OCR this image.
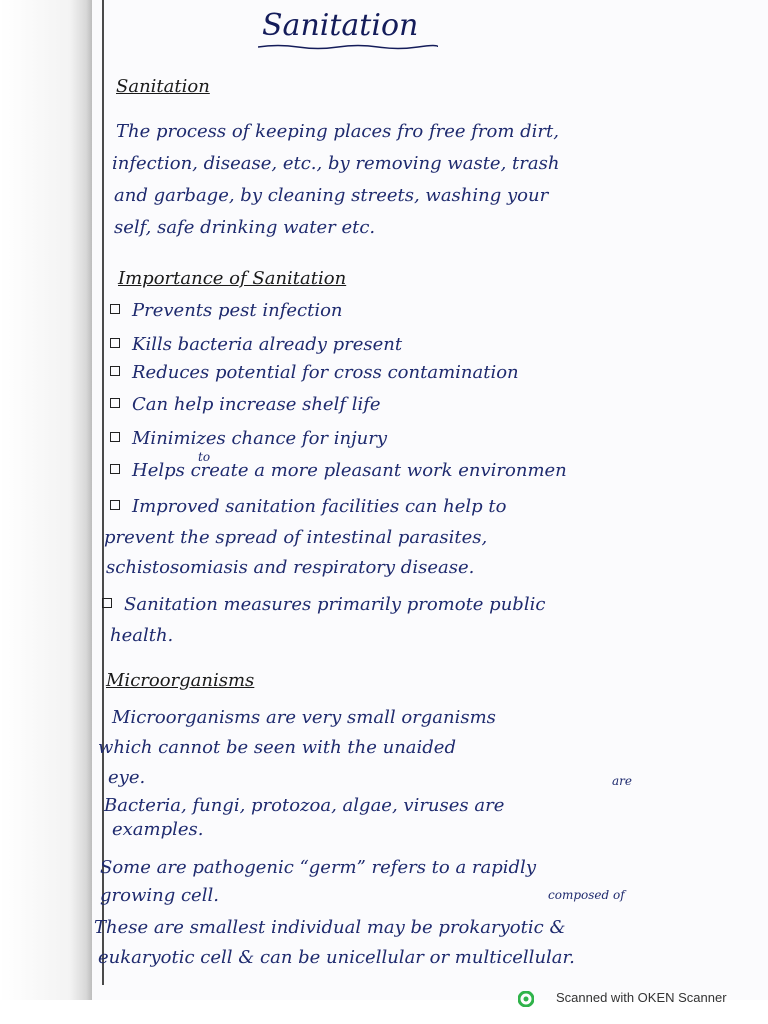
Sanitation
Sanitation
The process of keeping places fro free from dirt,
infection, disease, etc., by removing waste, trash
and garbage, by cleaning streets, washing your
self, safe drinking water etc.
Importance of Sanitation
Prevents pest infection
Kills bacteria already present
Reduces potential for cross contamination
Can help increase shelf life
Minimizes chance for injury
to
Helps create a more pleasant work environmen
Improved sanitation facilities can help to
prevent the spread of intestinal parasites,
schistosomiasis and respiratory disease.
Sanitation measures primarily promote public
health.
Microorganisms
Microorganisms are very small organisms
which cannot be seen with the unaided
eye.	are
Bacteria, fungi, protozoa, algae, viruses are
examples.
Some are pathogenic “germ” refers to a rapidly
growing cell.	composed of
These are smallest individual may be prokaryotic &
eukaryotic cell & can be unicellular or multicellular.
Scanned with OKEN Scanner
